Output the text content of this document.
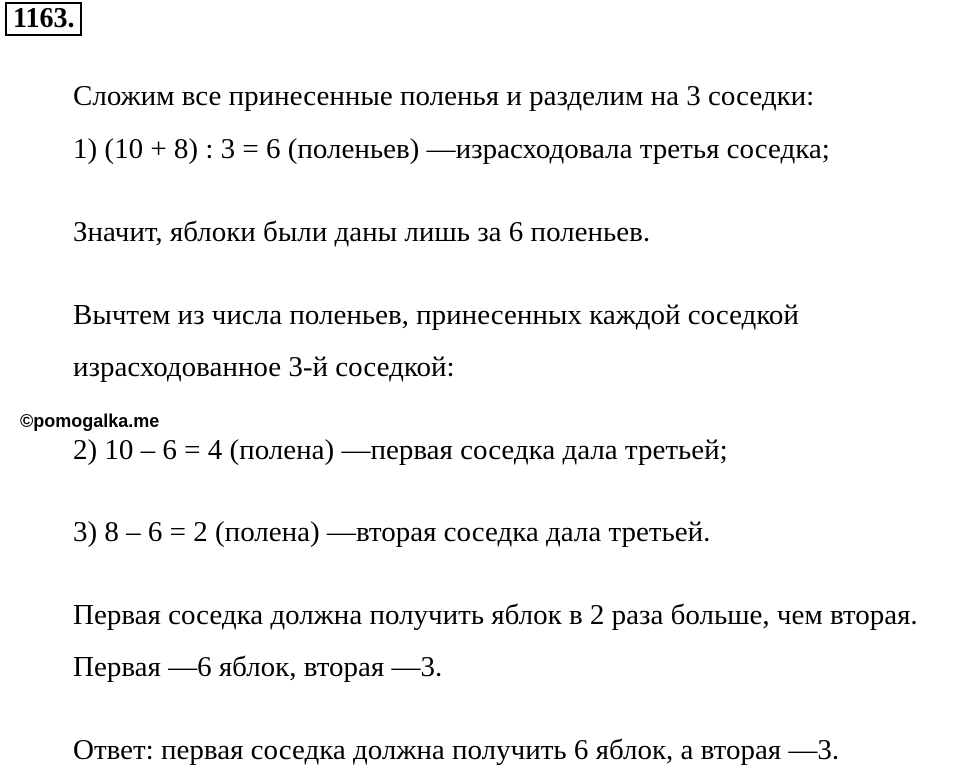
1163.
Сложим все принесенные поленья и разделим на 3 соседки:
1) (10 + 8) : 3 = 6 (поленьев) —израсходовала третья соседка;
Значит, яблоки были даны лишь за 6 поленьев.
Вычтем из числа поленьев, принесенных каждой соседкой
израсходованное 3-й соседкой:
©pomogalka.me
2) 10 – 6 = 4 (полена) —первая соседка дала третьей;
3) 8 – 6 = 2 (полена) —вторая соседка дала третьей.
Первая соседка должна получить яблок в 2 раза больше, чем вторая.
Первая —6 яблок, вторая —3.
Ответ: первая соседка должна получить 6 яблок, а вторая —3.
